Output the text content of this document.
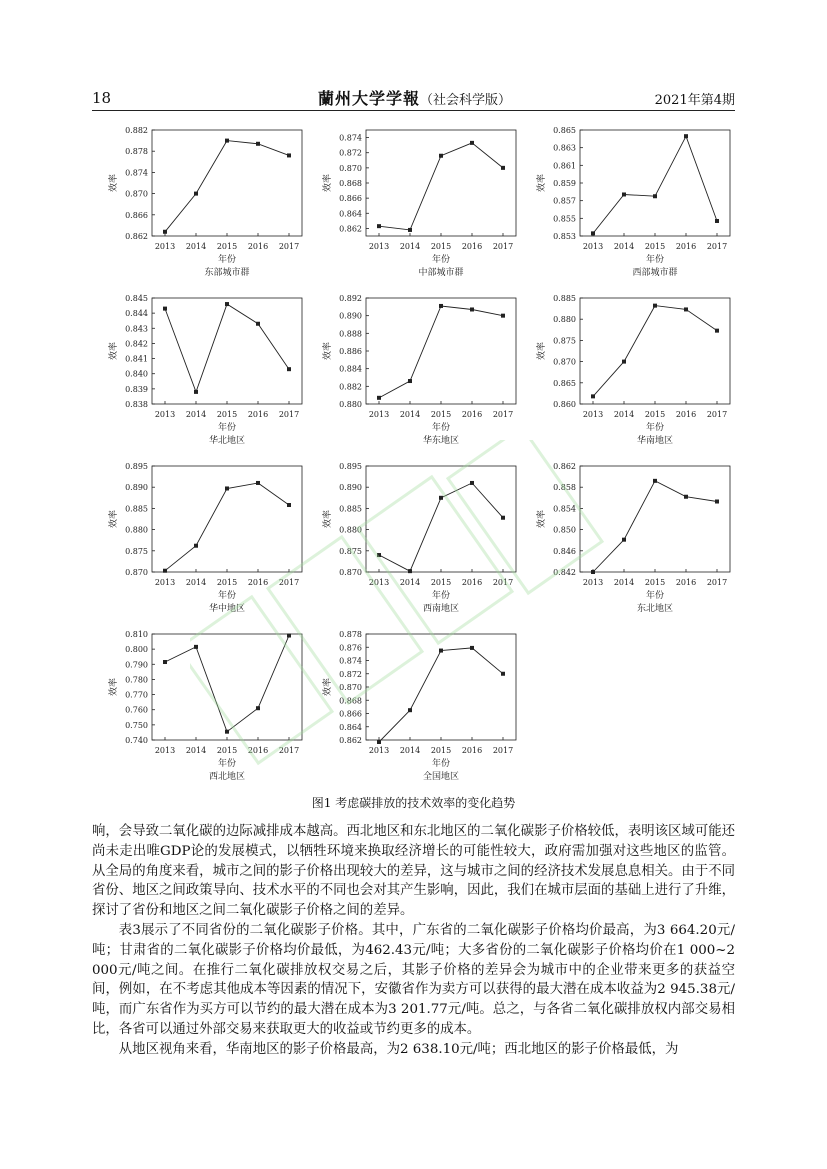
18	蘭州大学学報（社会科学版）	2021年第4期
0.862
0.866
0.870
0.874
0.878
0.882
2013 2014 2015 2016 2017
效率
年份
东部城市群
0.862
0.864
0.866
0.868
0.870
0.872
0.874
2013 2014 2015 2016 2017
效率
年份
中部城市群
0.853
0.855
0.857
0.859
0.861
0.863
0.865
2013 2014 2015 2016 2017
效率
年份
西部城市群
0.838
0.839
0.840
0.841
0.842
0.843
0.844
0.845
2013 2014 2015 2016 2017
效率
年份
华北地区
0.880
0.882
0.884
0.886
0.888
0.890
0.892
2013 2014 2015 2016 2017
效率
年份
华东地区
0.860
0.865
0.870
0.875
0.880
0.885
2013 2014 2015 2016 2017
效率
年份
华南地区
0.870
0.875
0.880
0.885
0.890
0.895
2013 2014 2015 2016 2017
效率
年份
华中地区
0.870
0.875
0.880
0.885
0.890
0.895
2013 2014 2015 2016 2017
效率
年份
西南地区
0.842
0.846
0.850
0.854
0.858
0.862
2013 2014 2015 2016 2017
效率
年份
东北地区
0.740
0.750
0.760
0.770
0.780
0.790
0.800
0.810
2013 2014 2015 2016 2017
效率
年份
西北地区
0.862
0.864
0.866
0.868
0.870
0.872
0.874
0.876
0.878
2013 2014 2015 2016 2017
效率
年份
全国地区
图1 考虑碳排放的技术效率的变化趋势

响，会导致二氧化碳的边际减排成本越高。西北地区和东北地区的二氧化碳影子价格较低，表明该区域可能还尚未走出唯GDP论的发展模式，以牺牲环境来换取经济增长的可能性较大，政府需加强对这些地区的监管。从全局的角度来看，城市之间的影子价格出现较大的差异，这与城市之间的经济技术发展息息相关。由于不同省份、地区之间政策导向、技术水平的不同也会对其产生影响，因此，我们在城市层面的基础上进行了升维，探讨了省份和地区之间二氧化碳影子价格之间的差异。

表3展示了不同省份的二氧化碳影子价格。其中，广东省的二氧化碳影子价格均价最高，为3 664.20元/吨；甘肃省的二氧化碳影子价格均价最低，为462.43元/吨；大多省份的二氧化碳影子价格均价在1 000~2 000元/吨之间。在推行二氧化碳排放权交易之后，其影子价格的差异会为城市中的企业带来更多的获益空间，例如，在不考虑其他成本等因素的情况下，安徽省作为卖方可以获得的最大潜在成本收益为2 945.38元/吨，而广东省作为买方可以节约的最大潜在成本为3 201.77元/吨。总之，与各省二氧化碳排放权内部交易相比，各省可以通过外部交易来获取更大的收益或节约更多的成本。

从地区视角来看，华南地区的影子价格最高，为2 638.10元/吨；西北地区的影子价格最低，为
